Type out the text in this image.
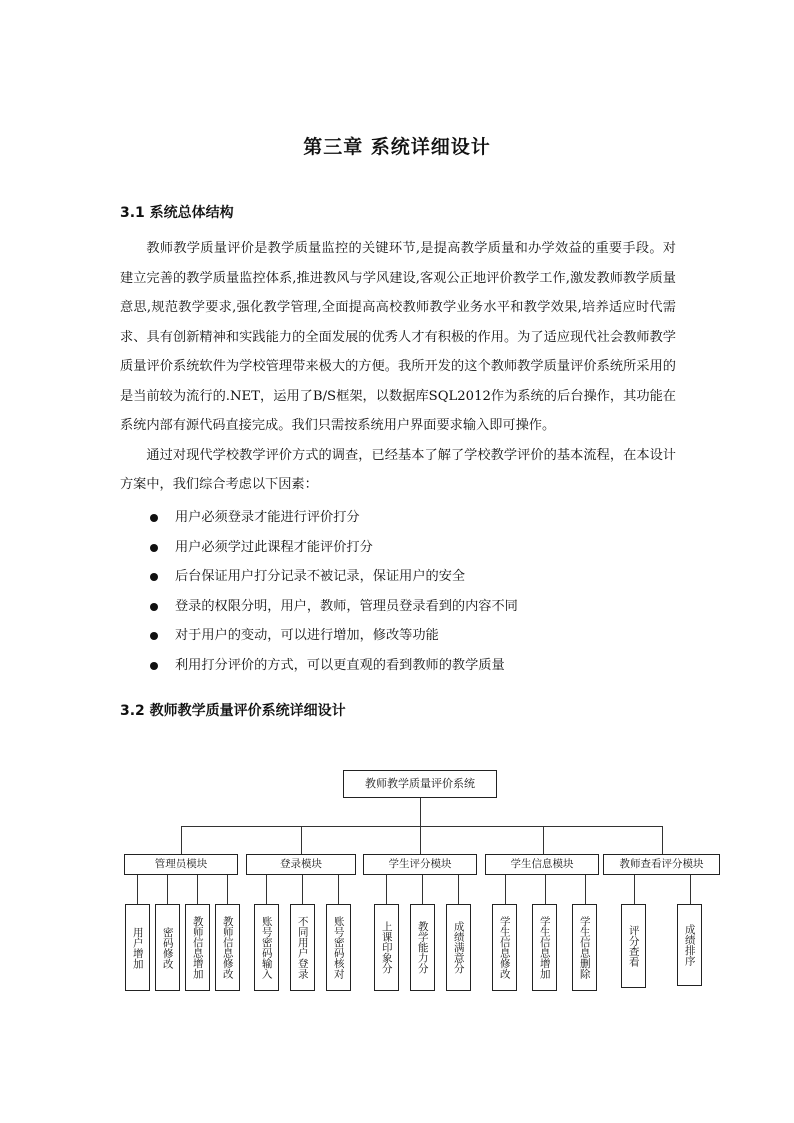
第三章 系统详细设计
3.1 系统总体结构

教师教学质量评价是教学质量监控的关键环节,是提高教学质量和办学效益的重要手段。对建立完善的教学质量监控体系,推进教风与学风建设,客观公正地评价教学工作,激发教师教学质量意思,规范教学要求,强化教学管理,全面提高高校教师教学业务水平和教学效果,培养适应时代需求、具有创新精神和实践能力的全面发展的优秀人才有积极的作用。为了适应现代社会教师教学质量评价系统软件为学校管理带来极大的方便。我所开发的这个教师教学质量评价系统所采用的是当前较为流行的.NET，运用了B/S框架，以数据库SQL2012作为系统的后台操作，其功能在系统内部有源代码直接完成。我们只需按系统用户界面要求输入即可操作。

通过对现代学校教学评价方式的调查，已经基本了解了学校教学评价的基本流程，在本设计方案中，我们综合考虑以下因素：

用户必须登录才能进行评价打分
用户必须学过此课程才能评价打分
后台保证用户打分记录不被记录，保证用户的安全
登录的权限分明，用户，教师，管理员登录看到的内容不同
对于用户的变动，可以进行增加，修改等功能
利用打分评价的方式，可以更直观的看到教师的教学质量
3.2 教师教学质量评价系统详细设计
教师教学质量评价系统
管理员模块	登录模块	学生评分模块	学生信息模块	教师查看评分模块
用户增加	密码修改	教师信息增加	教师信息修改	账号密码输入	不同用户登录	账号密码核对	上课印象分	教学能力分	成绩满意分	学生信息修改	学生信息增加	学生信息删除	评分查看	成绩排序
